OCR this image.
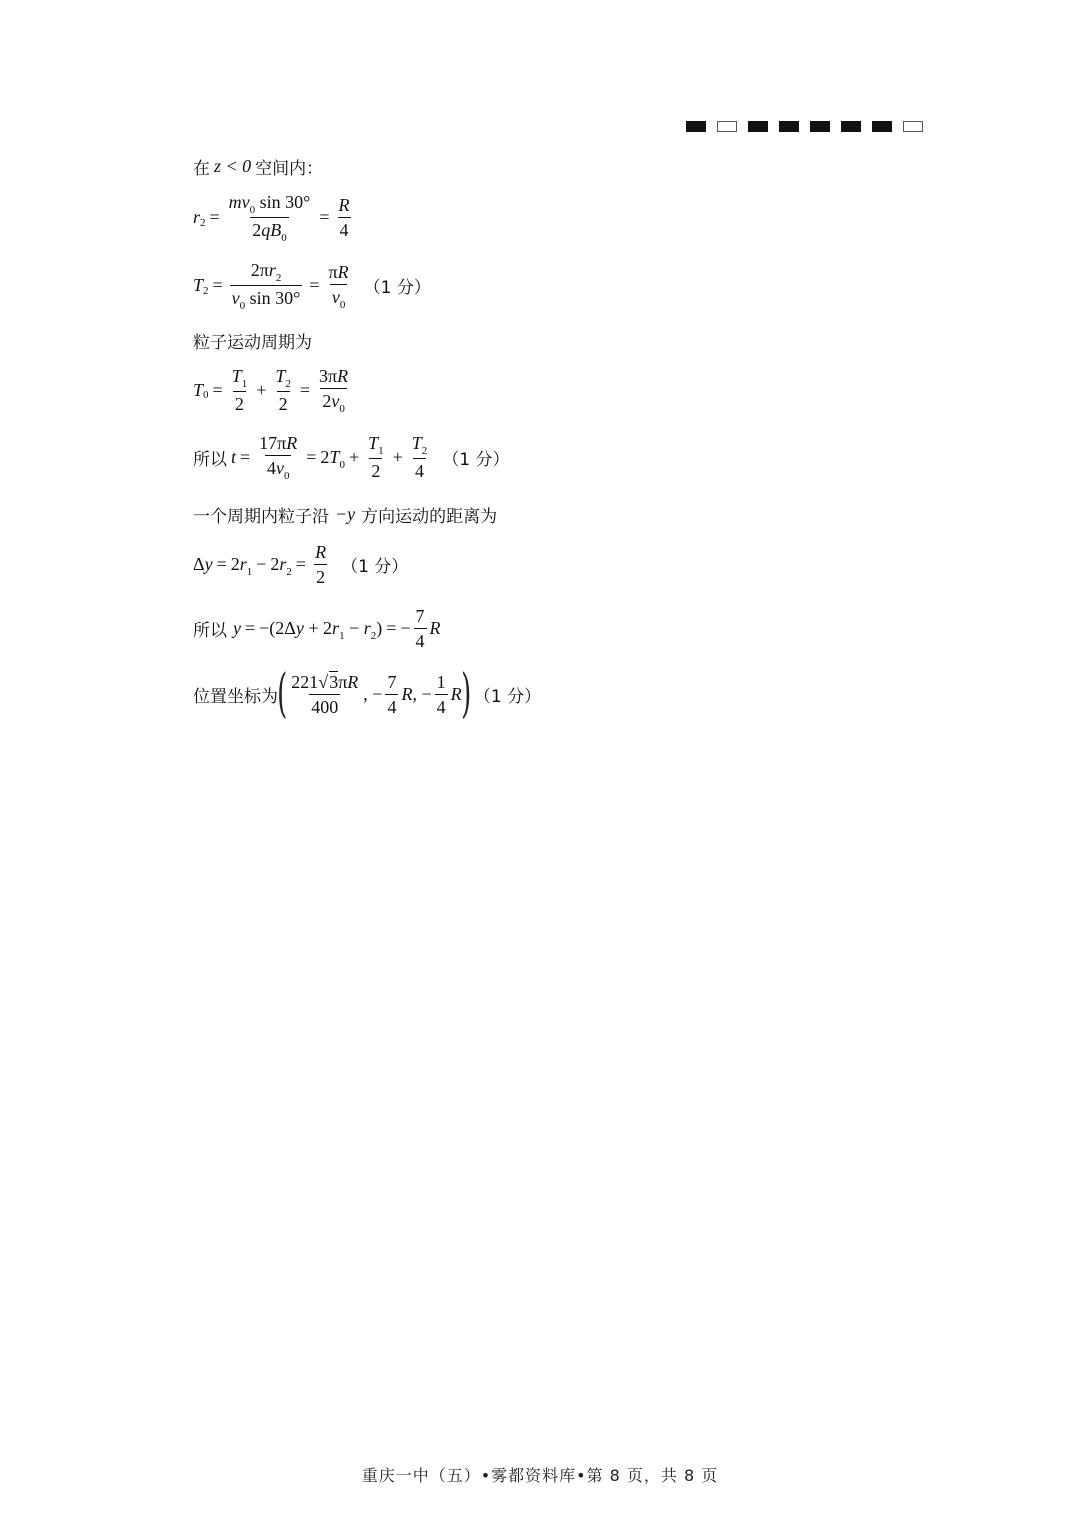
在 z < 0 空间内：
r $2 = \frac{mv_0 \sin 30^\circ}{2qB_0} = \frac{R}{4}$
T $2 = \frac{2\pi r_2}{v_0 \sin 30^\circ} = \frac{\pi R}{v_0} (1$ 分）
粒子运动周期为
T $0 = \frac{T_1}{2} + \frac{T_2}{2} = \frac{3\pi R}{2v_0}$
所以 $t = \frac{17\pi R}{4v_0} = 2T_0 + \frac{T_1}{2} + \frac{T_2}{4} (1$ 分）
一个周期内粒子沿 −y 方向运动的距离为
$\Delta y = 2r_1 - 2r_2 = \frac{R}{2} (1$ 分）
所以 $y = -(2\Delta y + 2r_1 - r_2)$ = − $\frac{7}{4}$ R
位置坐标为 ( $\frac{221√3\pi R}{400}$ , − $\frac{7}{4}$ R , − $\frac{1}{4}$ R ) （1 分）
重庆一中（五）•雾都资料库•第 8 页，共 8 页
